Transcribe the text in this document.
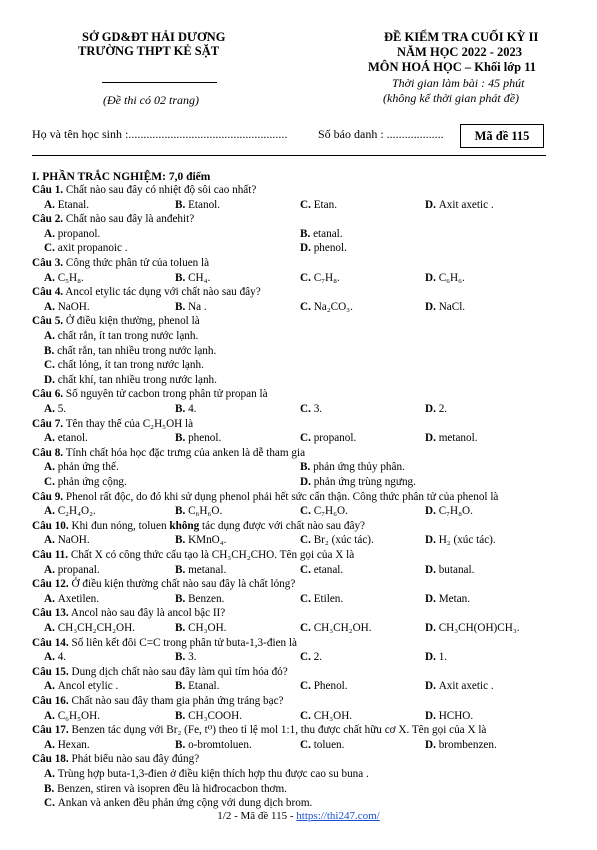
SỞ GD&ĐT HẢI DƯƠNG
TRƯỜNG THPT KẺ SẶT
(Đề thi có 02 trang)
ĐỀ KIỂM TRA CUỐI KỲ II
NĂM HỌC 2022 - 2023
MÔN HOÁ HỌC – Khối lớp 11
Thời gian làm bài : 45 phút
(không kể thời gian phát đề)
Họ và tên học sinh :.....................................................	Số báo danh : ...................	Mã đề 115
I. PHẦN TRẮC NGHIỆM: 7,0 điểm
Câu 1. Chất nào sau đây có nhiệt độ sôi cao nhất?
A. Etanal.	B. Etanol.	C. Etan.	D. Axit axetic .
Câu 2. Chất nào sau đây là anđehit?
A. propanol.	B. etanal.
C. axit propanoic .	D. phenol.
Câu 3. Công thức phân tử của toluen là
A. C₅H₈.	B. CH₄.	C. C₇H₈.	D. C₆H₆.
Câu 4. Ancol etylic tác dụng với chất nào sau đây?
A. NaOH.	B. Na .	C. Na₂CO₃.	D. NaCl.
Câu 5. Ở điều kiện thường, phenol là
A. chất rắn, ít tan trong nước lạnh.
B. chất rắn, tan nhiều trong nước lạnh.
C. chất lỏng, ít tan trong nước lạnh.
D. chất khí, tan nhiều trong nước lạnh.
Câu 6. Số nguyên tử cacbon trong phân tử propan là
A. 5.	B. 4.	C. 3.	D. 2.
Câu 7. Tên thay thế của C₂H₅OH là
A. etanol.	B. phenol.	C. propanol.	D. metanol.
Câu 8. Tính chất hóa học đặc trưng của anken là dễ tham gia
A. phản ứng thế.	B. phản ứng thủy phân.
C. phản ứng cộng.	D. phản ứng trùng ngưng.
Câu 9. Phenol rất độc, do đó khi sử dụng phenol phải hết sức cẩn thận. Công thức phân tử của phenol là
A. C₂H₄O₂.	B. C₆H₆O.	C. C₇H₆O.	D. C₇H₈O.
Câu 10. Khi đun nóng, toluen không tác dụng được với chất nào sau đây?
A. NaOH.	B. KMnO₄.	C. Br₂ (xúc tác).	D. H₂ (xúc tác).
Câu 11. Chất X có công thức cấu tạo là CH₃CH₂CHO. Tên gọi của X là
A. propanal.	B. metanal.	C. etanal.	D. butanal.
Câu 12. Ở điều kiện thường chất nào sau đây là chất lỏng?
A. Axetilen.	B. Benzen.	C. Etilen.	D. Metan.
Câu 13. Ancol nào sau đây là ancol bậc II?
A. CH₃CH₂CH₂OH.	B. CH₃OH.	C. CH₃CH₂OH.	D. CH₃CH(OH)CH₃.
Câu 14. Số liên kết đôi C=C trong phân tử buta-1,3-đien là
A. 4.	B. 3.	C. 2.	D. 1.
Câu 15. Dung dịch chất nào sau đây làm quì tím hóa đỏ?
A. Ancol etylic .	B. Etanal.	C. Phenol.	D. Axit axetic .
Câu 16. Chất nào sau đây tham gia phản ứng tráng bạc?
A. C₆H₅OH.	B. CH₃COOH.	C. CH₃OH.	D. HCHO.
Câu 17. Benzen tác dụng với Br₂ (Fe, t⁰) theo tỉ lệ mol 1:1, thu được chất hữu cơ X. Tên gọi của X là
A. Hexan.	B. o-bromtoluen.	C. toluen.	D. brombenzen.
Câu 18. Phát biểu nào sau đây đúng?
A. Trùng hợp buta-1,3-đien ở điều kiện thích hợp thu được cao su buna .
B. Benzen, stiren và isopren đều là hiđrocacbon thơm.
C. Ankan và anken đều phản ứng cộng với dung dịch brom.
1/2 - Mã đề 115 - https://thi247.com/
